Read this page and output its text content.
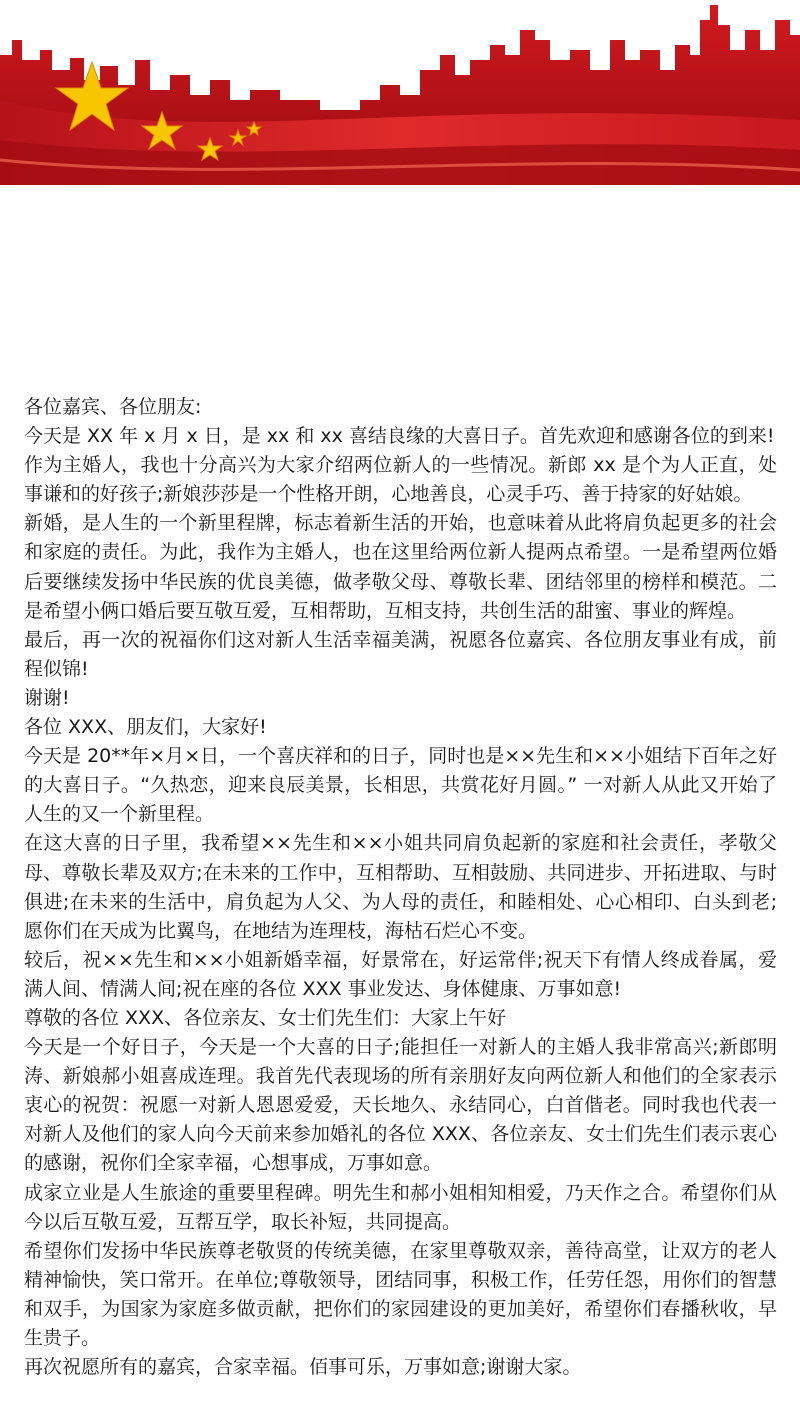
各位嘉宾、各位朋友:

今天是 XX 年 x 月 x 日，是 xx 和 xx 喜结良缘的大喜日子。首先欢迎和感谢各位的到来!

作为主婚人，我也十分高兴为大家介绍两位新人的一些情况。新郎 xx 是个为人正直，处事谦和的好孩子;新娘莎莎是一个性格开朗，心地善良，心灵手巧、善于持家的好姑娘。

新婚，是人生的一个新里程牌，标志着新生活的开始，也意味着从此将肩负起更多的社会和家庭的责任。为此，我作为主婚人，也在这里给两位新人提两点希望。一是希望两位婚后要继续发扬中华民族的优良美德，做孝敬父母、尊敬长辈、团结邻里的榜样和模范。二是希望小俩口婚后要互敬互爱，互相帮助，互相支持，共创生活的甜蜜、事业的辉煌。

最后，再一次的祝福你们这对新人生活幸福美满，祝愿各位嘉宾、各位朋友事业有成，前程似锦!

谢谢!

各位 XXX、朋友们，大家好!

今天是 20**年×月×日，一个喜庆祥和的日子，同时也是××先生和××小姐结下百年之好的大喜日子。“久热恋，迎来良辰美景，长相思，共赏花好月圆。” 一对新人从此又开始了人生的又一个新里程。

在这大喜的日子里，我希望××先生和××小姐共同肩负起新的家庭和社会责任，孝敬父母、尊敬长辈及双方;在未来的工作中，互相帮助、互相鼓励、共同进步、开拓进取、与时俱进;在未来的生活中，肩负起为人父、为人母的责任，和睦相处、心心相印、白头到老;愿你们在天成为比翼鸟，在地结为连理枝，海枯石烂心不变。

较后，祝××先生和××小姐新婚幸福，好景常在，好运常伴;祝天下有情人终成眷属，爱满人间、情满人间;祝在座的各位 XXX 事业发达、身体健康、万事如意!

尊敬的各位 XXX、各位亲友、女士们先生们：大家上午好

今天是一个好日子，今天是一个大喜的日子;能担任一对新人的主婚人我非常高兴;新郎明涛、新娘郝小姐喜成连理。我首先代表现场的所有亲朋好友向两位新人和他们的全家表示衷心的祝贺：祝愿一对新人恩恩爱爱，天长地久、永结同心，白首偕老。同时我也代表一对新人及他们的家人向今天前来参加婚礼的各位 XXX、各位亲友、女士们先生们表示衷心的感谢，祝你们全家幸福，心想事成，万事如意。

成家立业是人生旅途的重要里程碑。明先生和郝小姐相知相爱，乃天作之合。希望你们从今以后互敬互爱，互帮互学，取长补短，共同提高。

希望你们发扬中华民族尊老敬贤的传统美德，在家里尊敬双亲，善待高堂，让双方的老人精神愉快，笑口常开。在单位;尊敬领导，团结同事，积极工作，任劳任怨，用你们的智慧和双手，为国家为家庭多做贡献，把你们的家园建设的更加美好，希望你们春播秋收，早生贵子。

再次祝愿所有的嘉宾，合家幸福。佰事可乐，万事如意;谢谢大家。
